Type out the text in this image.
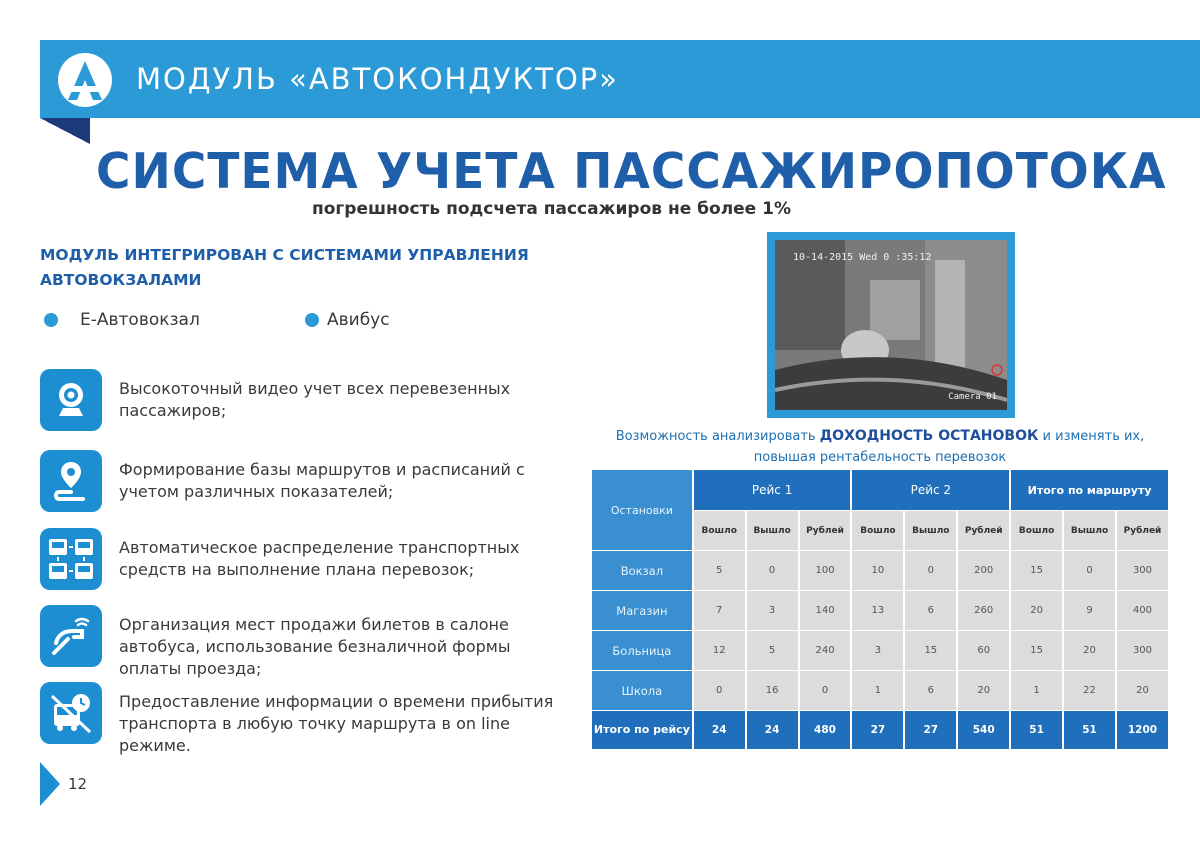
МОДУЛЬ «АВТОКОНДУКТОР»
СИСТЕМА УЧЕТА ПАССАЖИРОПОТОКА
погрешность подсчета пассажиров не более 1%
МОДУЛЬ ИНТЕГРИРОВАН С СИСТЕМАМИ УПРАВЛЕНИЯ АВТОВОКЗАЛАМИ
Е-Автовокзал	Авибус
Высокоточный видео учет всех перевезенных пассажиров;
Формирование базы маршрутов и расписаний с учетом различных показателей;
Автоматическое распределение транспортных средств на выполнение плана перевозок;
Организация мест продажи билетов в салоне автобуса, использование безналичной формы оплаты проезда;
Предоставление информации о времени прибытия транспорта в любую точку маршрута в on line режиме.
12
10-14-2015 Wed 0 :35:12
Camera 01
Возможность анализировать ДОХОДНОСТЬ ОСТАНОВОК и изменять их,
повышая рентабельность перевозок
Остановки	Рейс 1			Рейс 2			Итого по маршруту		
	Вошло	Вышло	Рублей	Вошло	Вышло	Рублей	Вошло	Вышло	Рублей
Вокзал	5	0	100	10	0	200	15	0	300
Магазин	7	3	140	13	6	260	20	9	400
Больница	12	5	240	3	15	60	15	20	300
Школа	0	16	0	1	6	20	1	22	20
Итого по рейсу	24	24	480	27	27	540	51	51	1200
